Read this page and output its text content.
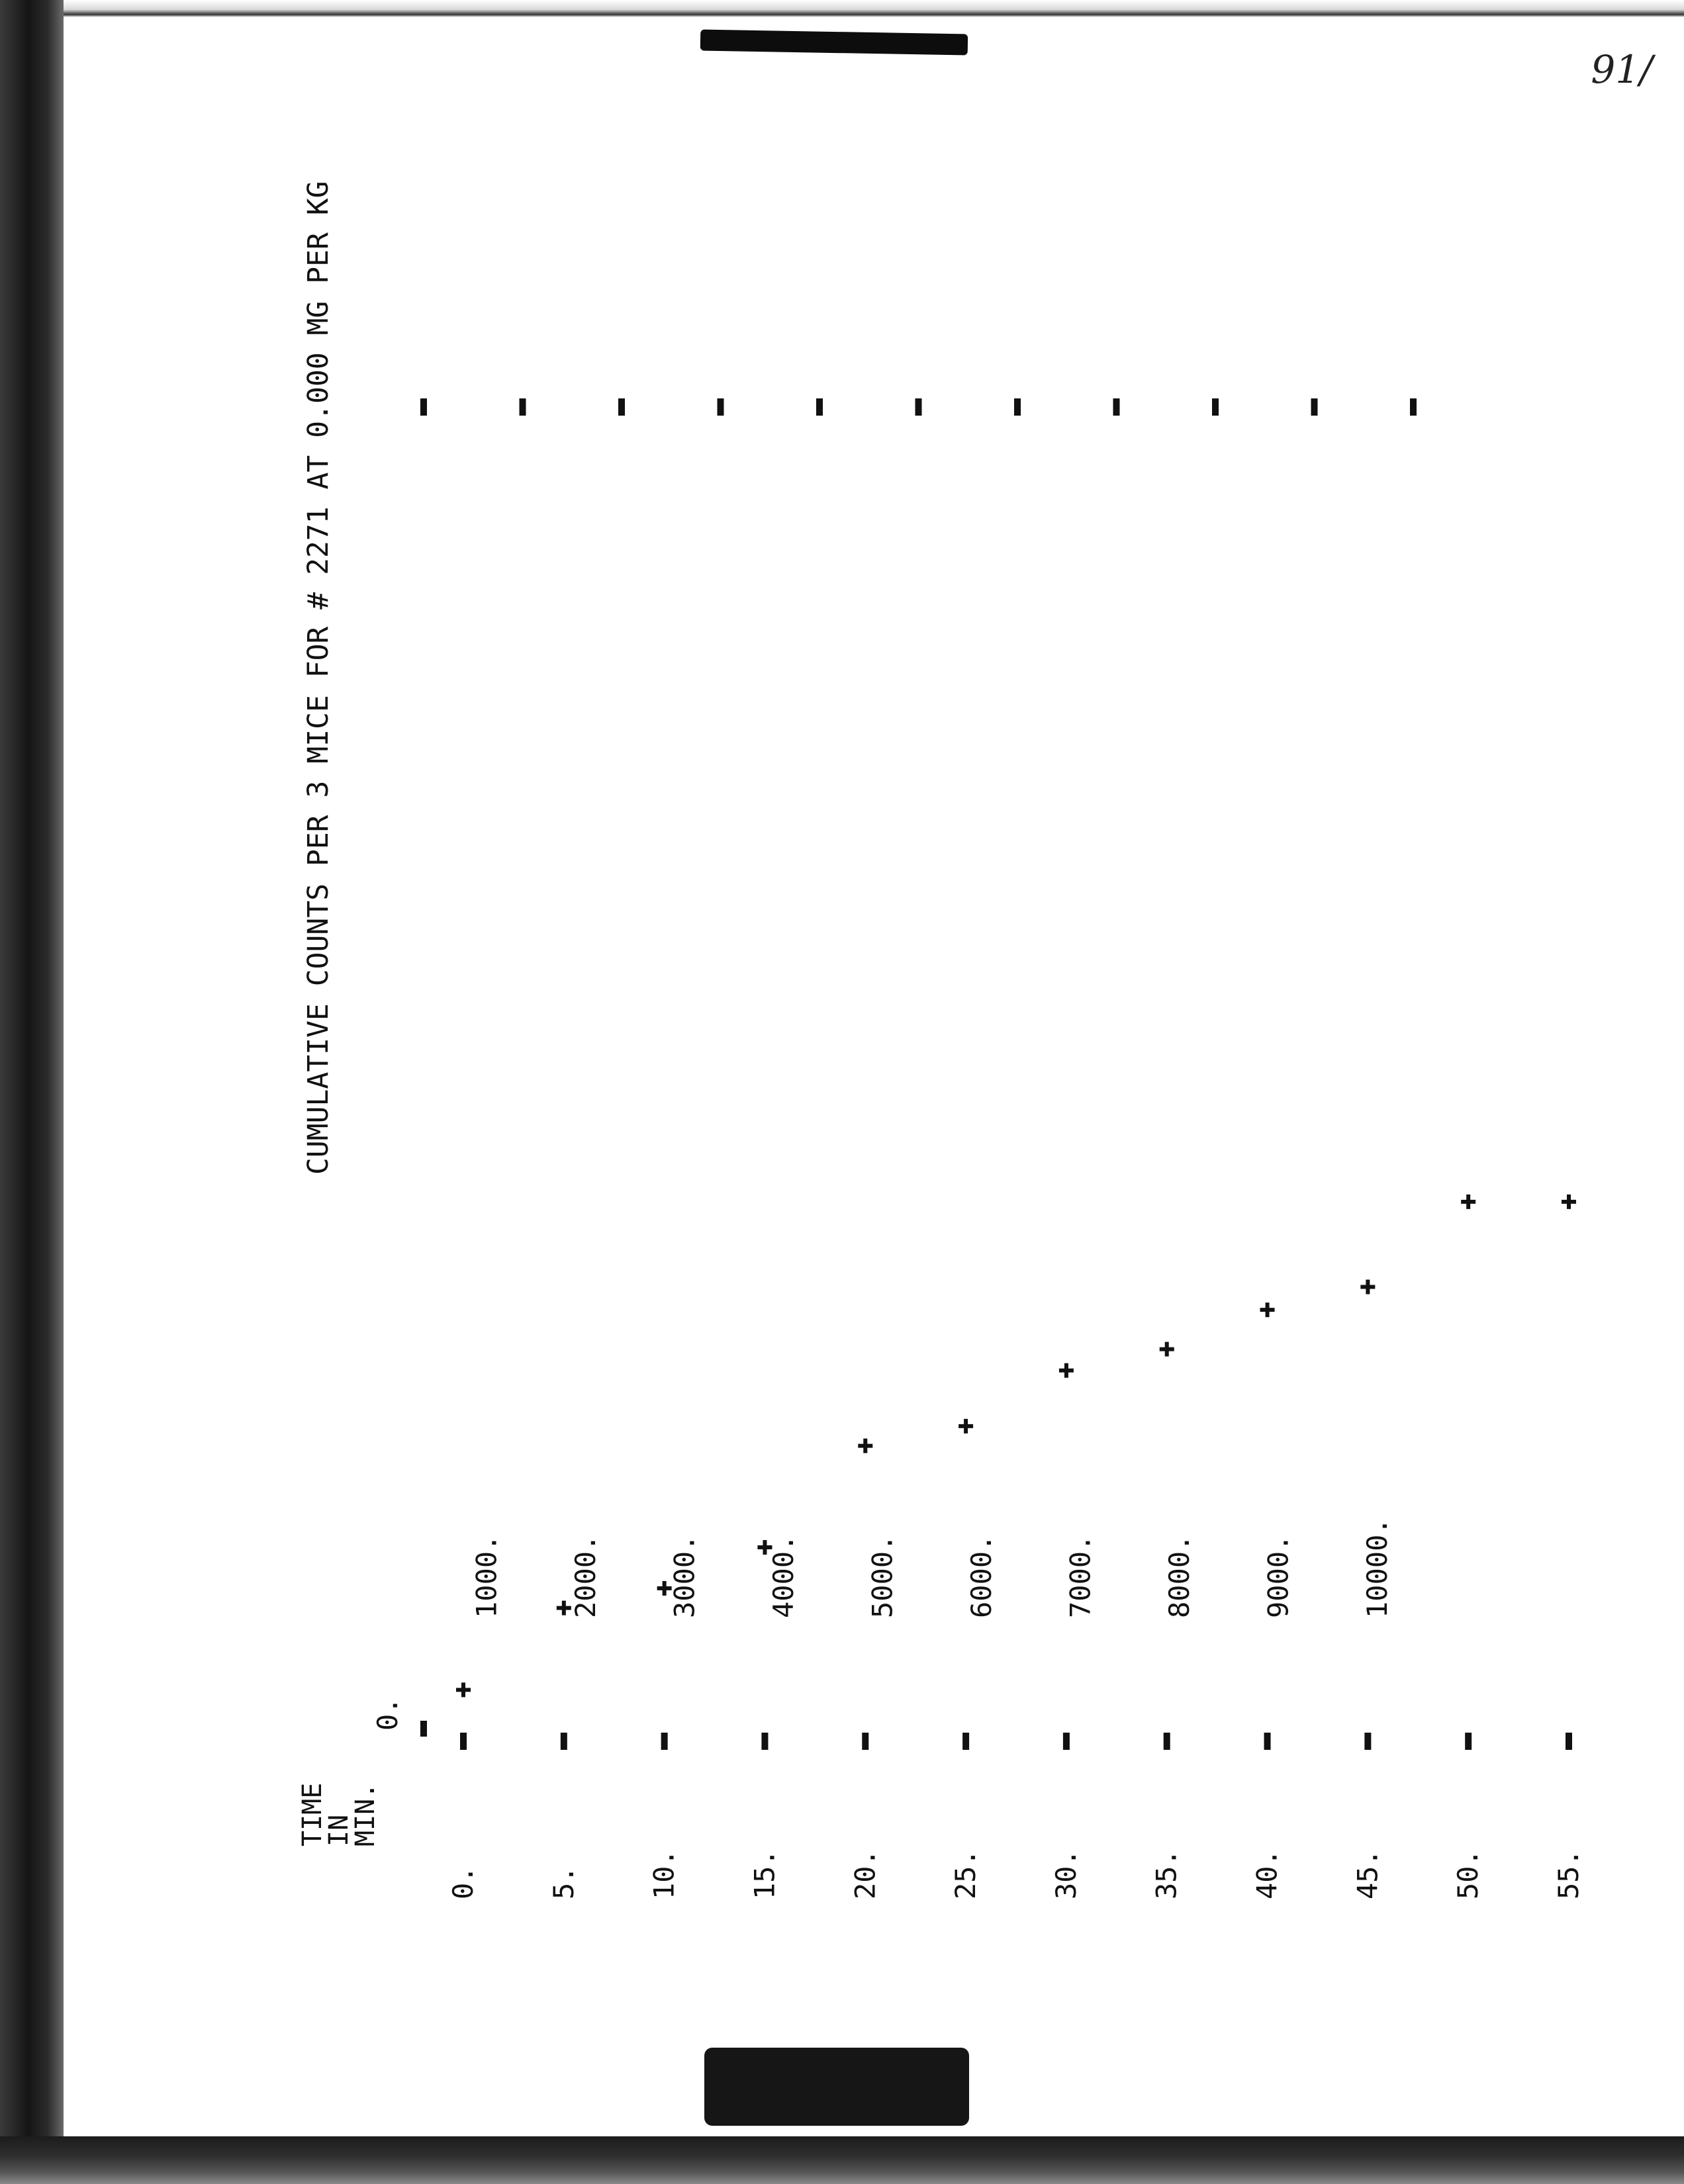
91/
CUMULATIVE COUNTS PER 3 MICE FOR # 2271 AT 0.000 MG PER KG
TIME
IN
MIN.
0.
1000. 2000. 3000. 4000. 5000. 6000. 7000. 8000. 9000. 10000.
0. 5. 10. 15. 20. 25. 30. 35. 40. 45. 50. 55.
